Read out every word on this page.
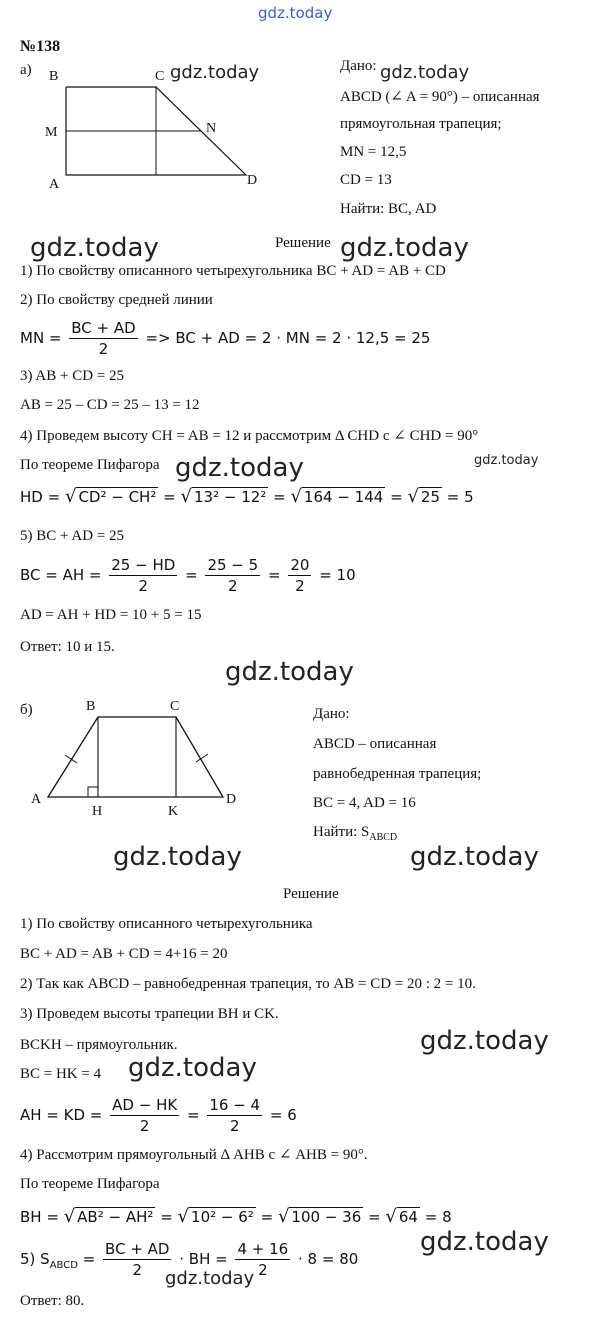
gdz.today
gdz.today	gdz.today
gdz.today	gdz.today
gdz.today	gdz.today
gdz.today
gdz.today	gdz.today
gdz.today
gdz.today
gdz.today
gdz.today
№138
а) B	C
M	N
A	D
Дано:
ABCD (∠ A = 90°) – описанная
прямоугольная трапеция;
MN = 12,5
CD = 13
Найти: BC, AD
Решение
1) По свойству описанного четырехугольника BC + AD = AB + CD
2) По свойству средней линии
MN = $\frac{BC + AD}{2}$ => BC + AD = 2 · MN = 2 · 12,5 = 25
3) AB + CD = 25
AB = 25 – CD = 25 – 13 = 12
4) Проведем высоту CH = AB = 12 и рассмотрим Δ CHD с ∠ CHD = 90°
По теореме Пифагора
HD = √ CD² − CH² = √ 13² − 12² = √ 164 − 144 = √ 25 = 5
5) BC + AD = 25
BC = AH = $\frac{25 - HD}{2} = \frac{25 - 5}{2} = \frac{20}{2} = 10$
AD = AH + HD = 10 + 5 = 15
Ответ: 10 и 15.
б)	B	C
A
H	K
D
Дано:
ABCD – описанная
равнобедренная трапеция;
BC = 4, AD = 16
Найти: $S_{ABCD}$
Решение
1) По свойству описанного четырехугольника
BC + AD = AB + CD = 4+16 = 20
2) Так как ABCD – равнобедренная трапеция, то AB = CD = 20 : 2 = 10.
3) Проведем высоты трапеции BH и CK.
BCKH – прямоугольник.
BC = HK = 4
AH = KD = $\frac{AD - HK}{2} = \frac{16 - 4}{2} = 6$
4) Рассмотрим прямоугольный Δ AHB с ∠ AHB = 90°.
По теореме Пифагора
BH = √ AB² − AH² = √ 10² − 6² = √ 100 − 36 = √ 64 = 8
5) $S_{ABCD} = \frac{BC + AD}{2}$ · BH = $\frac{4 + 16}{2} \cdot 8 = 80$
Ответ: 80.
